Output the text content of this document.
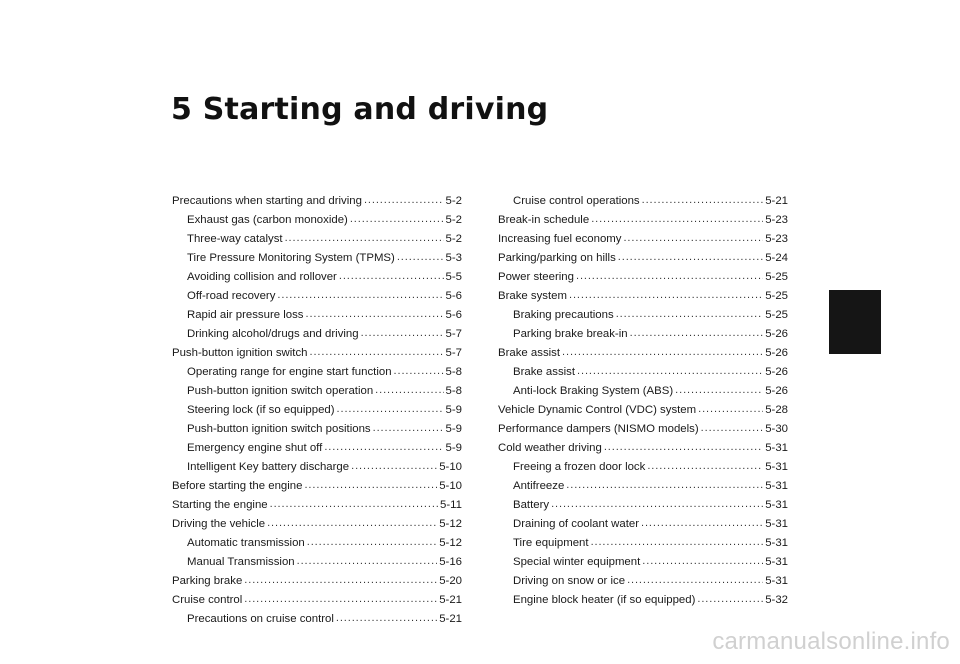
5 Starting and driving
Precautions when starting and driving .....	5-2
Exhaust gas (carbon monoxide) .....	5-2
Three-way catalyst .....	5-2
Tire Pressure Monitoring System (TPMS) .....	5-3
Avoiding collision and rollover .....	5-5
Off-road recovery .....	5-6
Rapid air pressure loss .....	5-6
Drinking alcohol/drugs and driving .....	5-7
Push-button ignition switch .....	5-7
Operating range for engine start function .....	5-8
Push-button ignition switch operation .....	5-8
Steering lock (if so equipped) .....	5-9
Push-button ignition switch positions .....	5-9
Emergency engine shut off .....	5-9
Intelligent Key battery discharge .....	5-10
Before starting the engine .....	5-10
Starting the engine .....	5-11
Driving the vehicle .....	5-12
Automatic transmission .....	5-12
Manual Transmission .....	5-16
Parking brake .....	5-20
Cruise control .....	5-21
Precautions on cruise control .....	5-21
Cruise control operations .....	5-21
Break-in schedule .....	5-23
Increasing fuel economy .....	5-23
Parking/parking on hills .....	5-24
Power steering .....	5-25
Brake system .....	5-25
Braking precautions .....	5-25
Parking brake break-in .....	5-26
Brake assist .....	5-26
Brake assist .....	5-26
Anti-lock Braking System (ABS) .....	5-26
Vehicle Dynamic Control (VDC) system .....	5-28
Performance dampers (NISMO models) .....	5-30
Cold weather driving .....	5-31
Freeing a frozen door lock .....	5-31
Antifreeze .....	5-31
Battery .....	5-31
Draining of coolant water .....	5-31
Tire equipment .....	5-31
Special winter equipment .....	5-31
Driving on snow or ice .....	5-31
Engine block heater (if so equipped) .....	5-32
carmanualsonline.info
